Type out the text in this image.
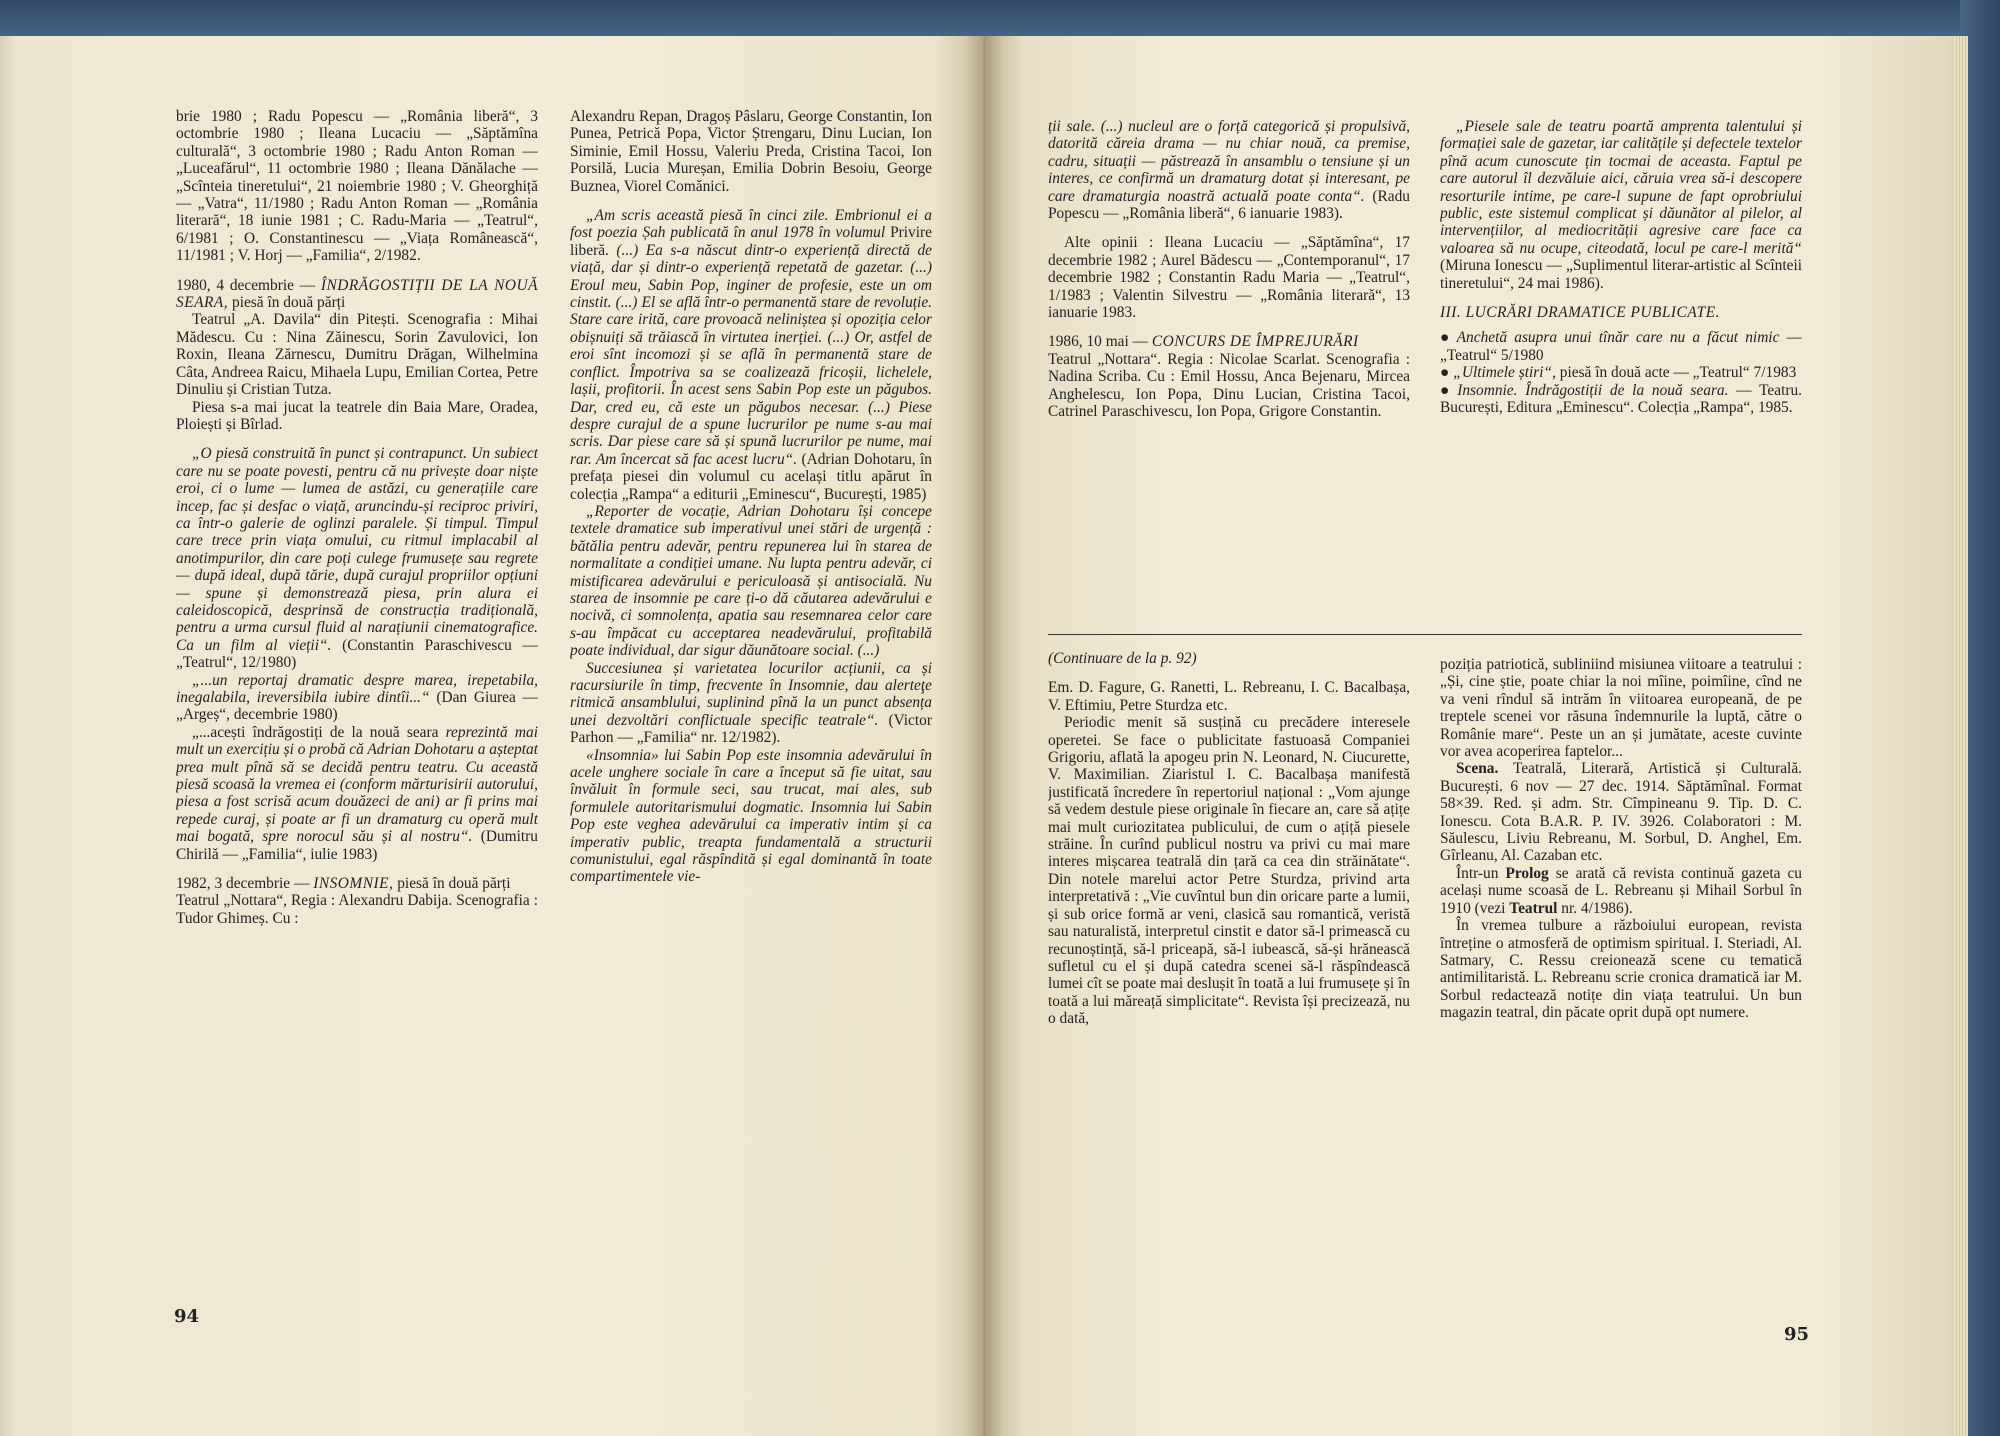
brie 1980 ; Radu Popescu — „România liberă“, 3 octombrie 1980 ; Ileana Lucaciu — „Săptămîna culturală“, 3 octombrie 1980 ; Radu Anton Roman — „Luceafărul“, 11 octombrie 1980 ; Ileana Dănălache — „Scînteia tineretului“, 21 noiembrie 1980 ; V. Gheorghiță — „Vatra“, 11/1980 ; Radu Anton Roman — „România literară“, 18 iunie 1981 ; C. Radu-Maria — „Teatrul“, 6/1981 ; O. Constantinescu — „Viața Românească“, 11/1981 ; V. Horj — „Familia“, 2/1982.

1980, 4 decembrie — ÎNDRĂGOSTIȚII DE LA NOUĂ SEARA, piesă în două părți

Teatrul „A. Davila“ din Pitești. Scenografia : Mihai Mădescu. Cu : Nina Zăinescu, Sorin Zavulovici, Ion Roxin, Ileana Zărnescu, Dumitru Drăgan, Wilhelmina Câta, Andreea Raicu, Mihaela Lupu, Emilian Cortea, Petre Dinuliu și Cristian Tutza.

Piesa s-a mai jucat la teatrele din Baia Mare, Oradea, Ploiești și Bîrlad.

„O piesă construită în punct și contrapunct. Un subiect care nu se poate povesti, pentru că nu privește doar niște eroi, ci o lume — lumea de astăzi, cu generațiile care incep, fac și desfac o viață, aruncindu-și reciproc priviri, ca într-o galerie de oglinzi paralele. Și timpul. Timpul care trece prin viața omului, cu ritmul implacabil al anotimpurilor, din care poți culege frumusețe sau regrete — după ideal, după tărie, după curajul propriilor opțiuni — spune și demonstrează piesa, prin alura ei caleidoscopică, desprinsă de construcția tradițională, pentru a urma cursul fluid al narațiunii cinematografice. Ca un film al vieții“. (Constantin Paraschivescu — „Teatrul“, 12/1980)

„...un reportaj dramatic despre marea, irepetabila, inegalabila, ireversibila iubire dintîi...“ (Dan Giurea — „Argeș“, decembrie 1980)

„...acești îndrăgostiți de la nouă seara reprezintă mai mult un exercițiu și o probă că Adrian Dohotaru a așteptat prea mult pînă să se decidă pentru teatru. Cu această piesă scoasă la vremea ei (conform mărturisirii autorului, piesa a fost scrisă acum douăzeci de ani) ar fi prins mai repede curaj, și poate ar fi un dramaturg cu operă mult mai bogată, spre norocul său și al nostru“. (Dumitru Chirilă — „Familia“, iulie 1983)

1982, 3 decembrie — INSOMNIE, piesă în două părți

Teatrul „Nottara“, Regia : Alexandru Dabija. Scenografia : Tudor Ghimeș. Cu :

Alexandru Repan, Dragoș Pâslaru, George Constantin, Ion Punea, Petrică Popa, Victor Ștrengaru, Dinu Lucian, Ion Siminie, Emil Hossu, Valeriu Preda, Cristina Tacoi, Ion Porsilă, Lucia Mureșan, Emilia Dobrin Besoiu, George Buznea, Viorel Comănici.

„Am scris această piesă în cinci zile. Embrionul ei a fost poezia Șah publicată în anul 1978 în volumul Privire liberă. (...) Ea s-a născut dintr-o experiență directă de viață, dar și dintr-o experiență repetată de gazetar. (...) Eroul meu, Sabin Pop, inginer de profesie, este un om cinstit. (...) El se află într-o permanentă stare de revoluție. Stare care irită, care provoacă neliniștea și opoziția celor obișnuiți să trăiască în virtutea inerției. (...) Or, astfel de eroi sînt incomozi și se află în permanentă stare de conflict. Împotriva sa se coalizează fricoșii, lichelele, lașii, profitorii. În acest sens Sabin Pop este un păgubos. Dar, cred eu, că este un păgubos necesar. (...) Piese despre curajul de a spune lucrurilor pe nume s-au mai scris. Dar piese care să și spună lucrurilor pe nume, mai rar. Am încercat să fac acest lucru“. (Adrian Dohotaru, în prefața piesei din volumul cu același titlu apărut în colecția „Rampa“ a editurii „Eminescu“, București, 1985)

„Reporter de vocație, Adrian Dohotaru își concepe textele dramatice sub imperativul unei stări de urgență : bătălia pentru adevăr, pentru repunerea lui în starea de normalitate a condiției umane. Nu lupta pentru adevăr, ci mistificarea adevărului e periculoasă și antisocială. Nu starea de insomnie pe care ți-o dă căutarea adevărului e nocivă, ci somnolența, apatia sau resemnarea celor care s-au împăcat cu acceptarea neadevărului, profitabilă poate individual, dar sigur dăunătoare social. (...)

Succesiunea și varietatea locurilor acțiunii, ca și racursiurile în timp, frecvente în Insomnie, dau alerteţe ritmică ansamblului, suplinind pînă la un punct absența unei dezvoltări conflictuale specific teatrale“. (Victor Parhon — „Familia“ nr. 12/1982).

«Insomnia» lui Sabin Pop este insomnia adevărului în acele unghere sociale în care a început să fie uitat, sau învăluit în formule seci, sau trucat, mai ales, sub formulele autoritarismului dogmatic. Insomnia lui Sabin Pop este veghea adevărului ca imperativ intim și ca imperativ public, treapta fundamentală a structurii comunistului, egal răspîndită și egal dominantă în toate compartimentele vie-

94

ții sale. (...) nucleul are o forță categorică și propulsivă, datorită căreia drama — nu chiar nouă, ca premise, cadru, situații — păstrează în ansamblu o tensiune și un interes, ce confirmă un dramaturg dotat și interesant, pe care dramaturgia noastră actuală poate conta“. (Radu Popescu — „România liberă“, 6 ianuarie 1983).

Alte opinii : Ileana Lucaciu — „Săptămîna“, 17 decembrie 1982 ; Aurel Bădescu — „Contemporanul“, 17 decembrie 1982 ; Constantin Radu Maria — „Teatrul“, 1/1983 ; Valentin Silvestru — „România literară“, 13 ianuarie 1983.

1986, 10 mai — CONCURS DE ÎMPREJURĂRI

Teatrul „Nottara“. Regia : Nicolae Scarlat. Scenografia : Nadina Scriba. Cu : Emil Hossu, Anca Bejenaru, Mircea Anghelescu, Ion Popa, Dinu Lucian, Cristina Tacoi, Catrinel Paraschivescu, Ion Popa, Grigore Constantin.

„Piesele sale de teatru poartă amprenta talentului și formației sale de gazetar, iar calitățile și defectele textelor pînă acum cunoscute țin tocmai de aceasta. Faptul pe care autorul îl dezvăluie aici, căruia vrea să-i descopere resorturile intime, pe care-l supune de fapt oprobriului public, este sistemul complicat și dăunător al pilelor, al intervențiilor, al mediocrității agresive care face ca valoarea să nu ocupe, citeodată, locul pe care-l merită“ (Miruna Ionescu — „Suplimentul literar-artistic al Scînteii tineretului“, 24 mai 1986).

III. LUCRĂRI DRAMATICE PUBLICATE.

● Anchetă asupra unui tînăr care nu a făcut nimic — „Teatrul“ 5/1980

● „Ultimele știri“, piesă în două acte — „Teatrul“ 7/1983

● Insomnie. Îndrăgostiții de la nouă seara. — Teatru. București, Editura „Eminescu“. Colecția „Rampa“, 1985.

(Continuare de la p. 92)

Em. D. Fagure, G. Ranetti, L. Rebreanu, I. C. Bacalbașa, V. Eftimiu, Petre Sturdza etc.

Periodic menit să susțină cu precădere interesele operetei. Se face o publicitate fastuoasă Companiei Grigoriu, aflată la apogeu prin N. Leonard, N. Ciucurette, V. Maximilian. Ziaristul I. C. Bacalbașa manifestă justificată încredere în repertoriul național : „Vom ajunge să vedem destule piese originale în fiecare an, care să ațițe mai mult curiozitatea publicului, de cum o ațiță piesele străine. În curînd publicul nostru va privi cu mai mare interes mișcarea teatrală din țară ca cea din străinătate“. Din notele marelui actor Petre Sturdza, privind arta interpretativă : „Vie cuvîntul bun din oricare parte a lumii, și sub orice formă ar veni, clasică sau romantică, veristă sau naturalistă, interpretul cinstit e dator să-l primească cu recunoștință, să-l priceapă, să-l iubească, să-și hrănească sufletul cu el și după catedra scenei să-l răspîndească lumei cît se poate mai deslușit în toată a lui frumusețe și în toată a lui măreață simplicitate“. Revista își precizează, nu o dată,

poziția patriotică, subliniind misiunea viitoare a teatrului : „Și, cine știe, poate chiar la noi mîine, poimîine, cînd ne va veni rîndul să intrăm în viitoarea europeană, de pe treptele scenei vor răsuna îndemnurile la luptă, către o Românie mare“. Peste un an și jumătate, aceste cuvinte vor avea acoperirea faptelor...

Scena. Teatrală, Literară, Artistică și Culturală. București. 6 nov — 27 dec. 1914. Săptămînal. Format 58×39. Red. și adm. Str. Cîmpineanu 9. Tip. D. C. Ionescu. Cota B.A.R. P. IV. 3926. Colaboratori : M. Săulescu, Liviu Rebreanu, M. Sorbul, D. Anghel, Em. Gîrleanu, Al. Cazaban etc.

Într-un Prolog se arată că revista continuă gazeta cu același nume scoasă de L. Rebreanu și Mihail Sorbul în 1910 (vezi Teatrul nr. 4/1986).

În vremea tulbure a războiului european, revista întreține o atmosferă de optimism spiritual. I. Steriadi, Al. Satmary, C. Ressu creionează scene cu tematică antimilitaristă. L. Rebreanu scrie cronica dramatică iar M. Sorbul redactează notițe din viața teatrului. Un bun magazin teatral, din păcate oprit după opt numere.

95
